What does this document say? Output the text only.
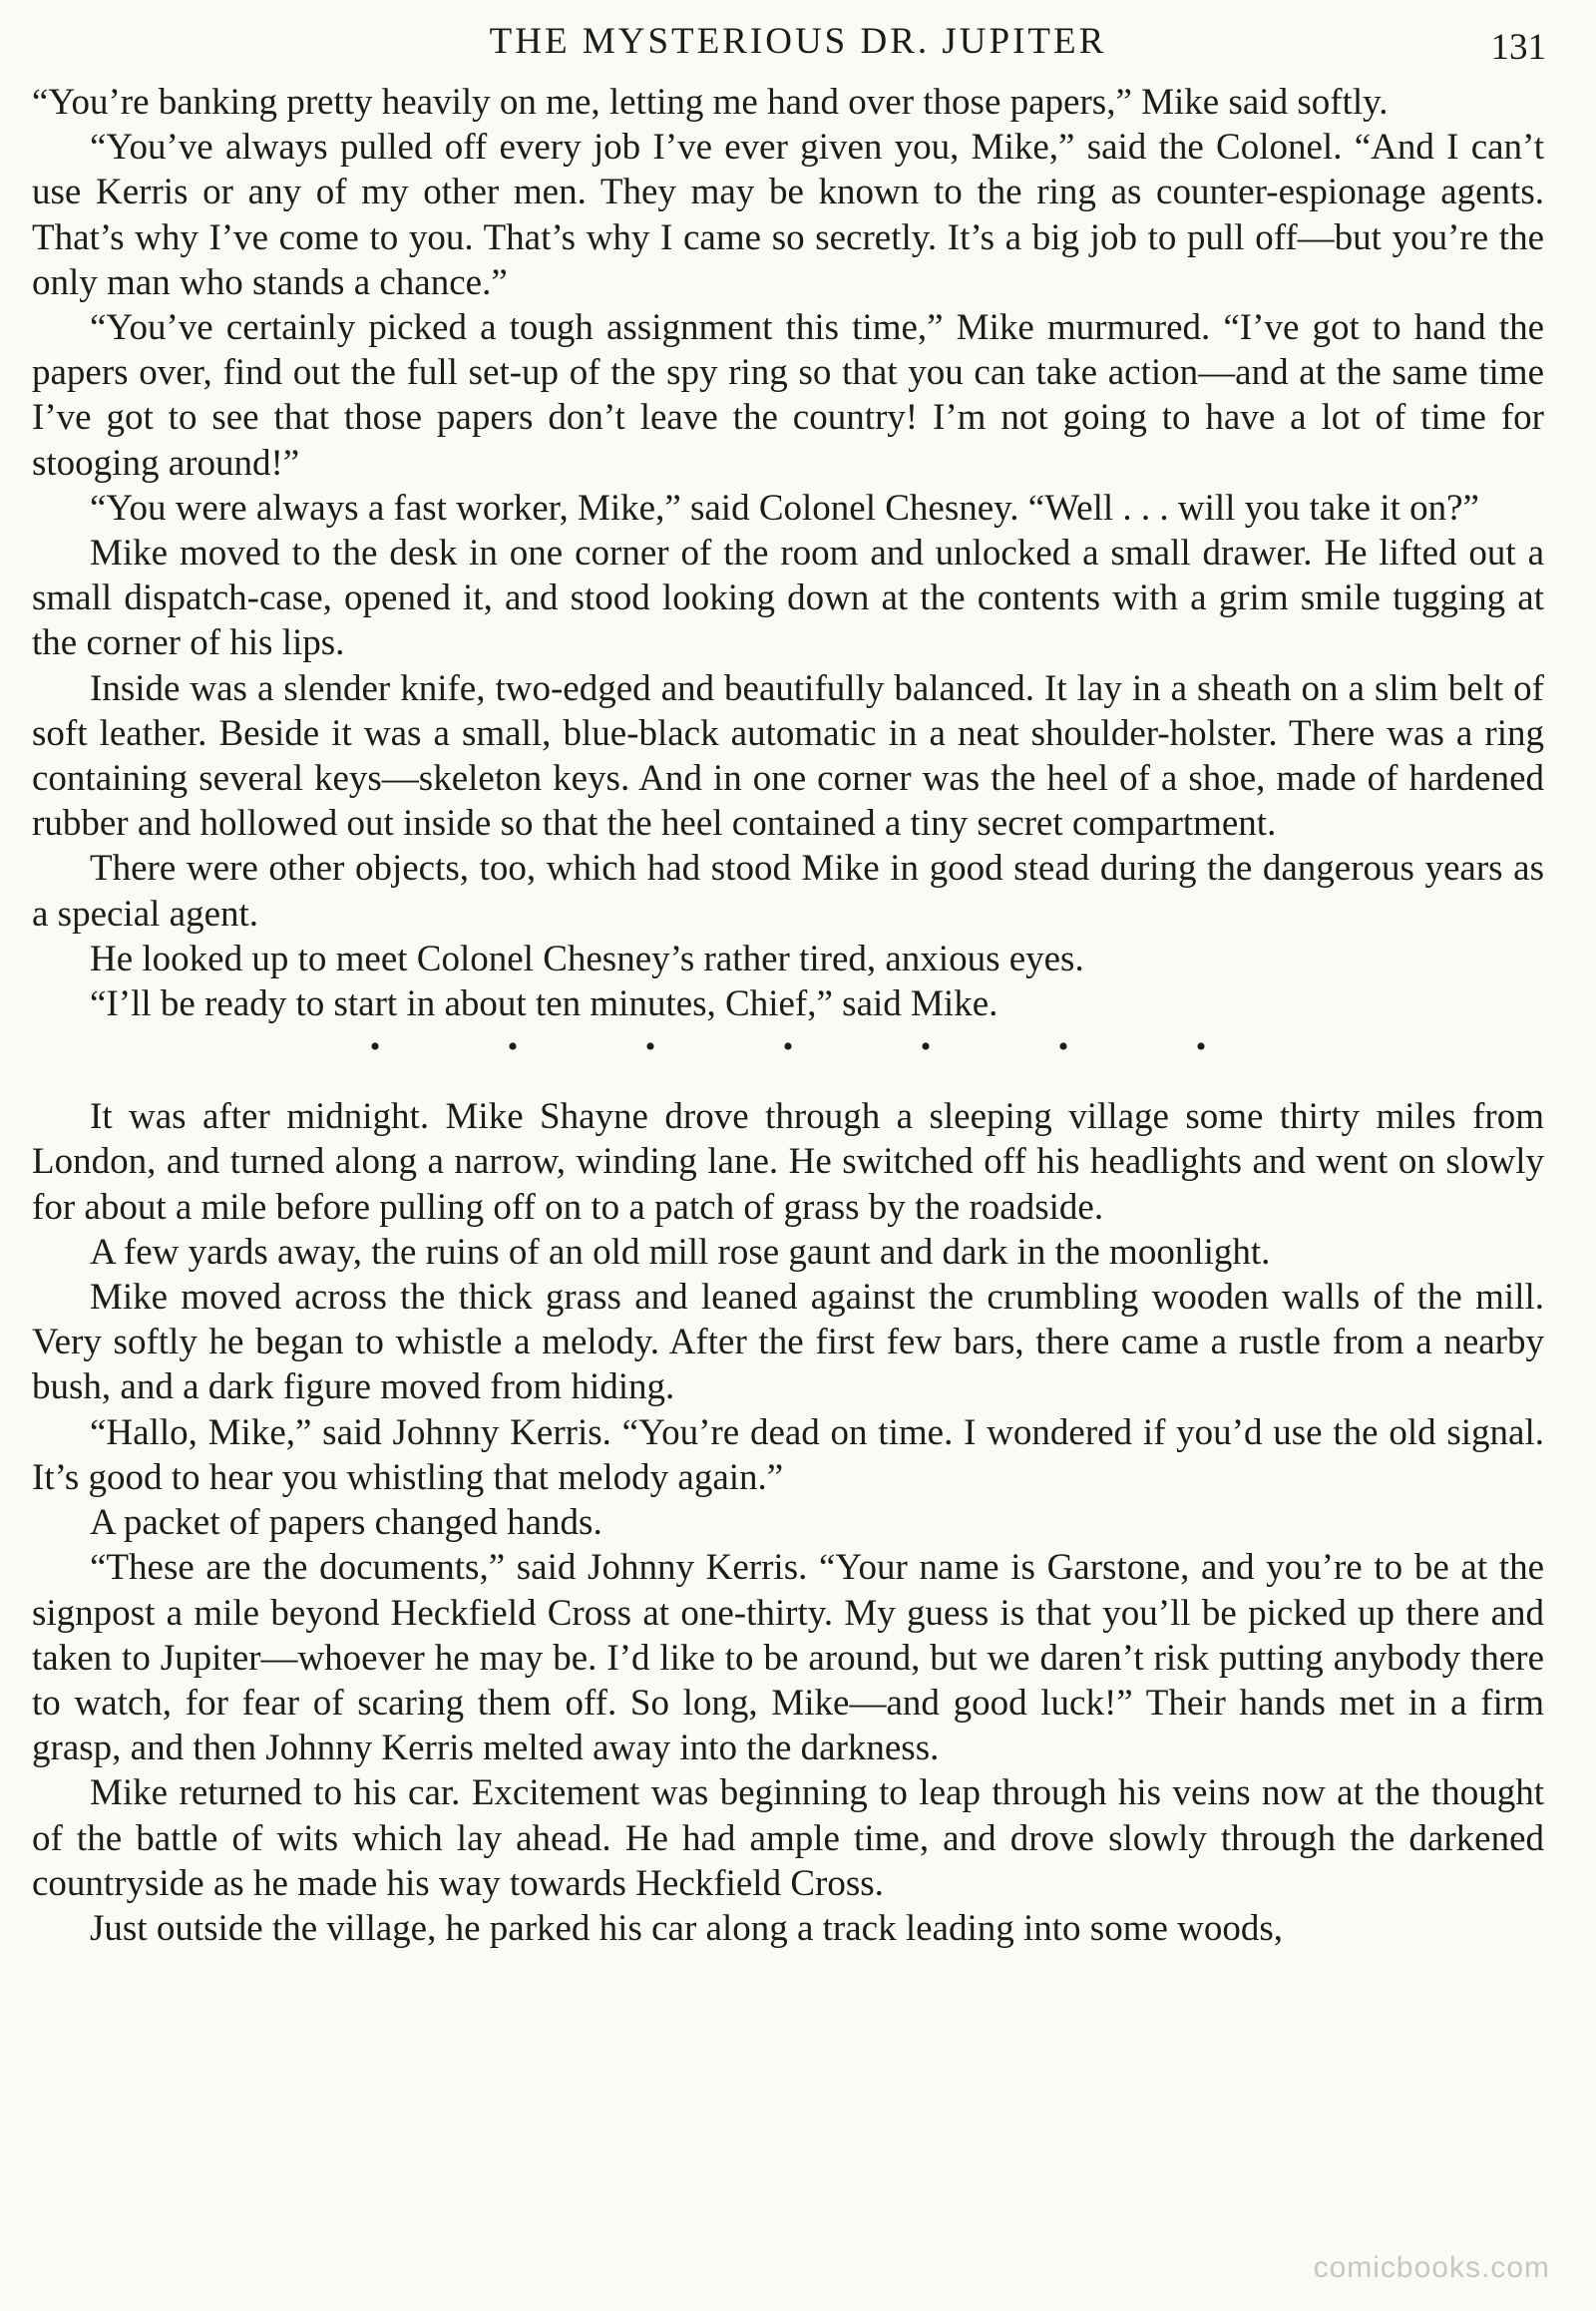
THE MYSTERIOUS DR. JUPITER	131

“You’re banking pretty heavily on me, letting me hand over those papers,” Mike said softly.

“You’ve always pulled off every job I’ve ever given you, Mike,” said the Colonel. “And I can’t use Kerris or any of my other men. They may be known to the ring as counter-espionage agents. That’s why I’ve come to you. That’s why I came so secretly. It’s a big job to pull off—but you’re the only man who stands a chance.”

“You’ve certainly picked a tough assignment this time,” Mike murmured. “I’ve got to hand the papers over, find out the full set-up of the spy ring so that you can take action—and at the same time I’ve got to see that those papers don’t leave the country! I’m not going to have a lot of time for stooging around!”

“You were always a fast worker, Mike,” said Colonel Chesney. “Well . . . will you take it on?”

Mike moved to the desk in one corner of the room and unlocked a small drawer. He lifted out a small dispatch-case, opened it, and stood looking down at the contents with a grim smile tugging at the corner of his lips.

Inside was a slender knife, two-edged and beautifully balanced. It lay in a sheath on a slim belt of soft leather. Beside it was a small, blue-black automatic in a neat shoulder-holster. There was a ring containing several keys—skeleton keys. And in one corner was the heel of a shoe, made of hardened rubber and hollowed out inside so that the heel contained a tiny secret compartment.

There were other objects, too, which had stood Mike in good stead during the dangerous years as a special agent.

He looked up to meet Colonel Chesney’s rather tired, anxious eyes.

“I’ll be ready to start in about ten minutes, Chief,” said Mike.

• • • • • • •

It was after midnight. Mike Shayne drove through a sleeping village some thirty miles from London, and turned along a narrow, winding lane. He switched off his headlights and went on slowly for about a mile before pulling off on to a patch of grass by the roadside.

A few yards away, the ruins of an old mill rose gaunt and dark in the moonlight.

Mike moved across the thick grass and leaned against the crumbling wooden walls of the mill. Very softly he began to whistle a melody. After the first few bars, there came a rustle from a nearby bush, and a dark figure moved from hiding.

“Hallo, Mike,” said Johnny Kerris. “You’re dead on time. I wondered if you’d use the old signal. It’s good to hear you whistling that melody again.”

A packet of papers changed hands.

“These are the documents,” said Johnny Kerris. “Your name is Garstone, and you’re to be at the signpost a mile beyond Heckfield Cross at one-thirty. My guess is that you’ll be picked up there and taken to Jupiter—whoever he may be. I’d like to be around, but we daren’t risk putting anybody there to watch, for fear of scaring them off. So long, Mike—and good luck!” Their hands met in a firm grasp, and then Johnny Kerris melted away into the darkness.

Mike returned to his car. Excitement was beginning to leap through his veins now at the thought of the battle of wits which lay ahead. He had ample time, and drove slowly through the darkened countryside as he made his way towards Heckfield Cross.

Just outside the village, he parked his car along a track leading into some woods,

comicbooks.com
